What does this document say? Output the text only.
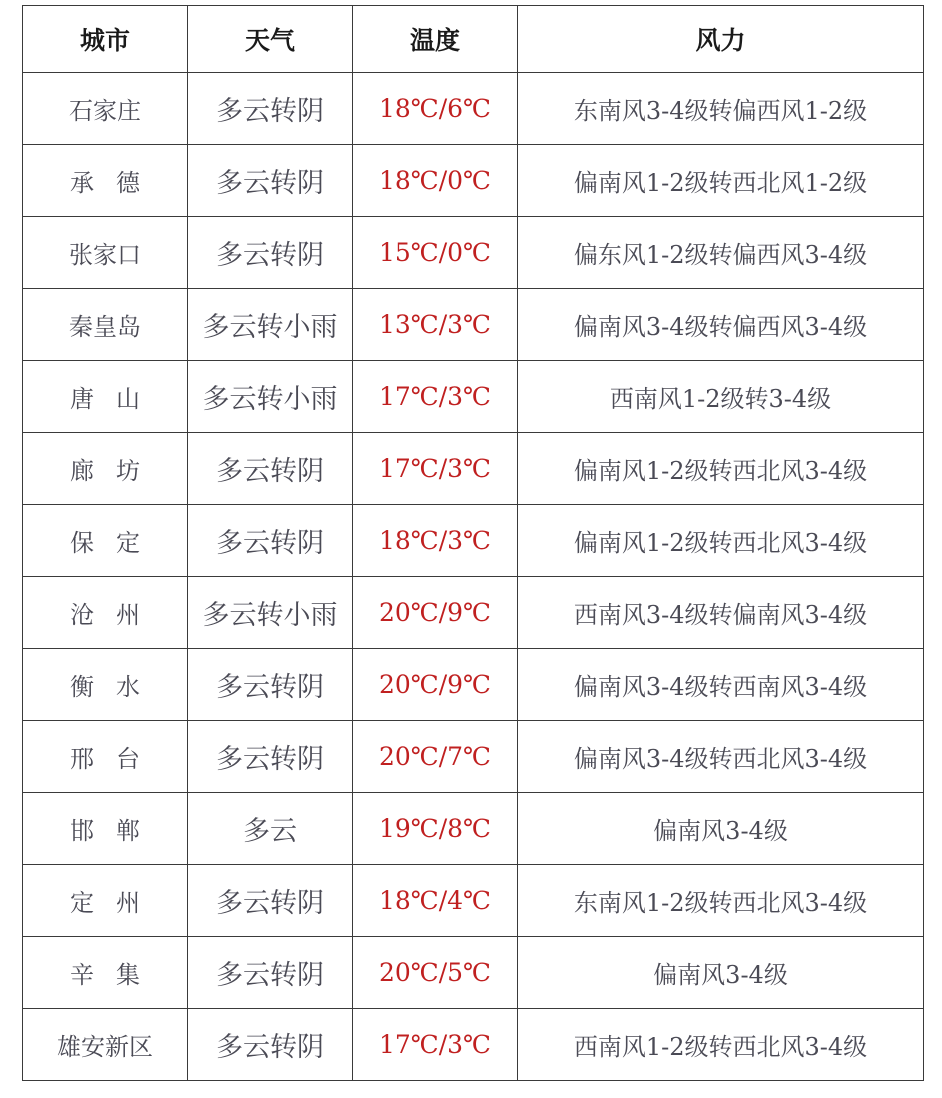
城市	天气	温度	风力
石家庄	多云转阴	18℃/6℃	东南风3-4级转偏西风1-2级
承德	多云转阴	18℃/0℃	偏南风1-2级转西北风1-2级
张家口	多云转阴	15℃/0℃	偏东风1-2级转偏西风3-4级
秦皇岛	多云转小雨	13℃/3℃	偏南风3-4级转偏西风3-4级
唐山	多云转小雨	17℃/3℃	西南风1-2级转3-4级
廊坊	多云转阴	17℃/3℃	偏南风1-2级转西北风3-4级
保定	多云转阴	18℃/3℃	偏南风1-2级转西北风3-4级
沧州	多云转小雨	20℃/9℃	西南风3-4级转偏南风3-4级
衡水	多云转阴	20℃/9℃	偏南风3-4级转西南风3-4级
邢台	多云转阴	20℃/7℃	偏南风3-4级转西北风3-4级
邯郸	多云	19℃/8℃	偏南风3-4级
定州	多云转阴	18℃/4℃	东南风1-2级转西北风3-4级
辛集	多云转阴	20℃/5℃	偏南风3-4级
雄安新区	多云转阴	17℃/3℃	西南风1-2级转西北风3-4级
